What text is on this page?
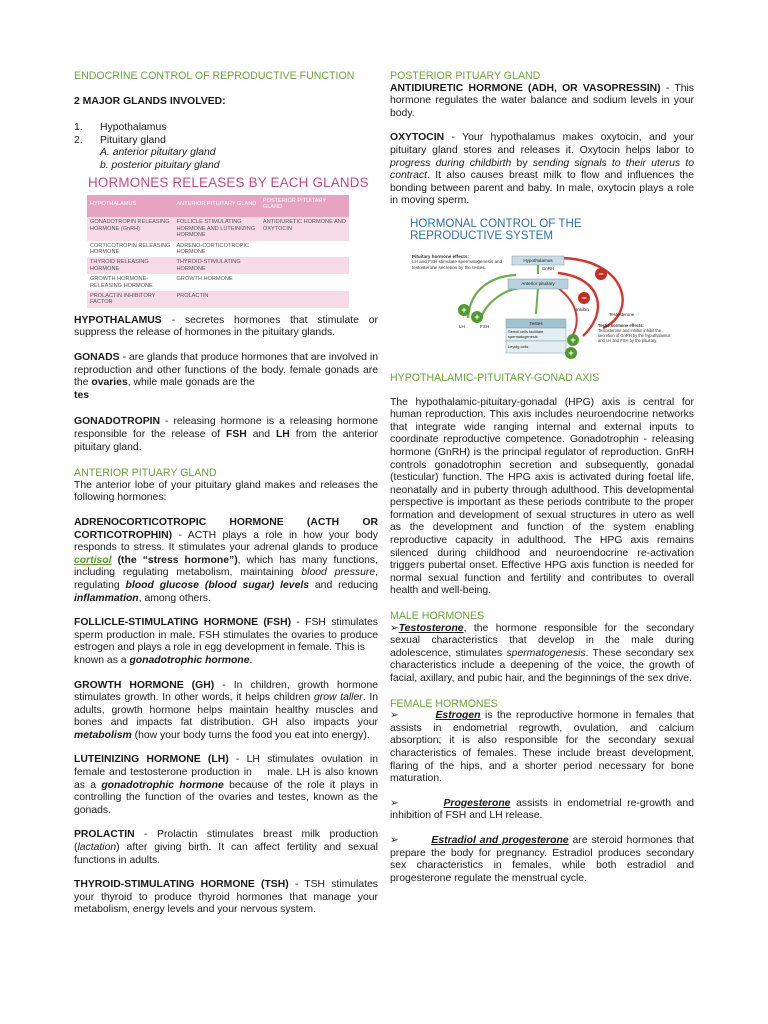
ENDOCRINE CONTROL OF REPRODUCTIVE FUNCTION
2 MAJOR GLANDS INVOLVED:
1.	Hypothalamus
2.	Pituitary gland
A. anterior pituitary gland
b. posterior pituitary gland
HORMONES RELEASES BY EACH GLANDS
HYPOTHALAMUS	ANTERIOR PITUITARY GLAND	POSTERIOR PITUITARY GLAND
GONADOTROPIN RELEASING HORMONE (GnRH)	FOLLICLE STIMULATING HORMONE AND LUTEINIZING HORMONE	ANTIDIURETIC HORMONE AND OXYTOCIN
CORTICOTROPIN RELEASING HORMONE	ADRENO-CORTICOTROPIC HORMONE	
THYROID RELEASING HORMONE	THYROID-STIMULATING HORMONE	
GROWTH HORMONE-RELEASING HORMONE	GROWTH HORMONE	
PROLACTIN INHIBITORY FACTOR	PROLACTIN	

HYPOTHALAMUS - secretes hormones that stimulate or suppress the release of hormones in the pituitary glands.

GONADS - are glands that produce hormones that are involved in reproduction and other functions of the body. female gonads are the ovaries, while male gonads are the
tes

GONADOTROPIN - releasing hormone is a releasing hormone responsible for the release of FSH and LH from the anterior pituitary gland.

ANTERIOR PITUARY GLAND

The anterior lobe of your pituitary gland makes and releases the following hormones:

ADRENOCORTICOTROPIC HORMONE (ACTH OR CORTICOTROPHIN) - ACTH plays a role in how your body responds to stress. It stimulates your adrenal glands to produce cortisol (the “stress hormone”), which has many functions, including regulating metabolism, maintaining blood pressure, regulating blood glucose (blood sugar) levels and reducing inflammation, among others.

FOLLICLE-STIMULATING HORMONE (FSH) - FSH stimulates sperm production in male. FSH stimulates the ovaries to produce estrogen and plays a role in egg development in female. This is
known as a gonadotrophic hormone.

GROWTH HORMONE (GH) - In children, growth hormone stimulates growth. In other words, it helps children grow taller. In adults, growth hormone helps maintain healthy muscles and bones and impacts fat distribution. GH also impacts your metabolism (how your body turns the food you eat into energy).

LUTEINIZING HORMONE (LH) - LH stimulates ovulation in female and testosterone production in    male. LH is also known as a gonadotrophic hormone because of the role it plays in controlling the function of the ovaries and testes, known as the gonads.

PROLACTIN - Prolactin stimulates breast milk production (lactation) after giving birth. It can affect fertility and sexual functions in adults.

THYROID-STIMULATING HORMONE (TSH) - TSH stimulates your thyroid to produce thyroid hormones that manage your metabolism, energy levels and your nervous system.

POSTERIOR PITUARY GLAND

ANTIDIURETIC HORMONE (ADH, OR VASOPRESSIN) - This hormone regulates the water balance and sodium levels in your body.

OXYTOCIN - Your hypothalamus makes oxytocin, and your pituitary gland stores and releases it. Oxytocin helps labor to progress during childbirth by sending signals to their uterus to contract. It also causes breast milk to flow and influences the bonding between parent and baby. In male, oxytocin plays a role in moving sperm.

HORMONAL CONTROL OF THE
REPRODUCTIVE SYSTEM
Pituitary hormone effects:
LH and FSH stimulate spermatogenesis and testosterone secretion by the testes.
Hypothalamus
GnRH
Anterior pituitary
LH	FSH
Inhibin
Testosterone
Testes
Sertoli cells facilitate spermatogenesis
Leydig cells
Testis hormone effects:
Testosterone and inhibin inhibit the secretion of GnRH by the hypothalamus and LH and FSH by the pituitary.
+
+
−
−
+
+
HYPOTHALAMIC-PITUITARY-GONAD AXIS

The hypothalamic-pituitary-gonadal (HPG) axis is central for human reproduction. This axis includes neuroendocrine networks that integrate wide ranging internal and external inputs to coordinate reproductive competence. Gonadotrophin - releasing hormone (GnRH) is the principal regulator of reproduction. GnRH controls gonadotrophin secretion and subsequently, gonadal (testicular) function. The HPG axis is activated during foetal life, neonatally and in puberty through adulthood. This developmental perspective is important as these periods contribute to the proper formation and development of sexual structures in utero as well as the development and function of the system enabling reproductive capacity in adulthood. The HPG axis remains silenced during childhood and neuroendocrine re-activation triggers pubertal onset. Effective HPG axis function is needed for normal sexual function and fertility and contributes to overall health and well-being.

MALE HORMONES

➢Testosterone, the hormone responsible for the secondary sexual characteristics that develop in the male during adolescence, stimulates spermatogenesis. These secondary sex characteristics include a deepening of the voice, the growth of facial, axillary, and pubic hair, and the beginnings of the sex drive.

FEMALE HORMONES

➢	Estrogen is the reproductive hormone in females that assists in endometrial regrowth, ovulation, and calcium absorption; it is also responsible for the secondary sexual characteristics of females. These include breast development, flaring of the hips, and a shorter period necessary for bone maturation.

➢	Progesterone assists in endometrial re-growth and inhibition of FSH and LH release.

➢	Estradiol and progesterone are steroid hormones that prepare the body for pregnancy. Estradiol produces secondary sex characteristics in females, while both estradiol and progesterone regulate the menstrual cycle.
